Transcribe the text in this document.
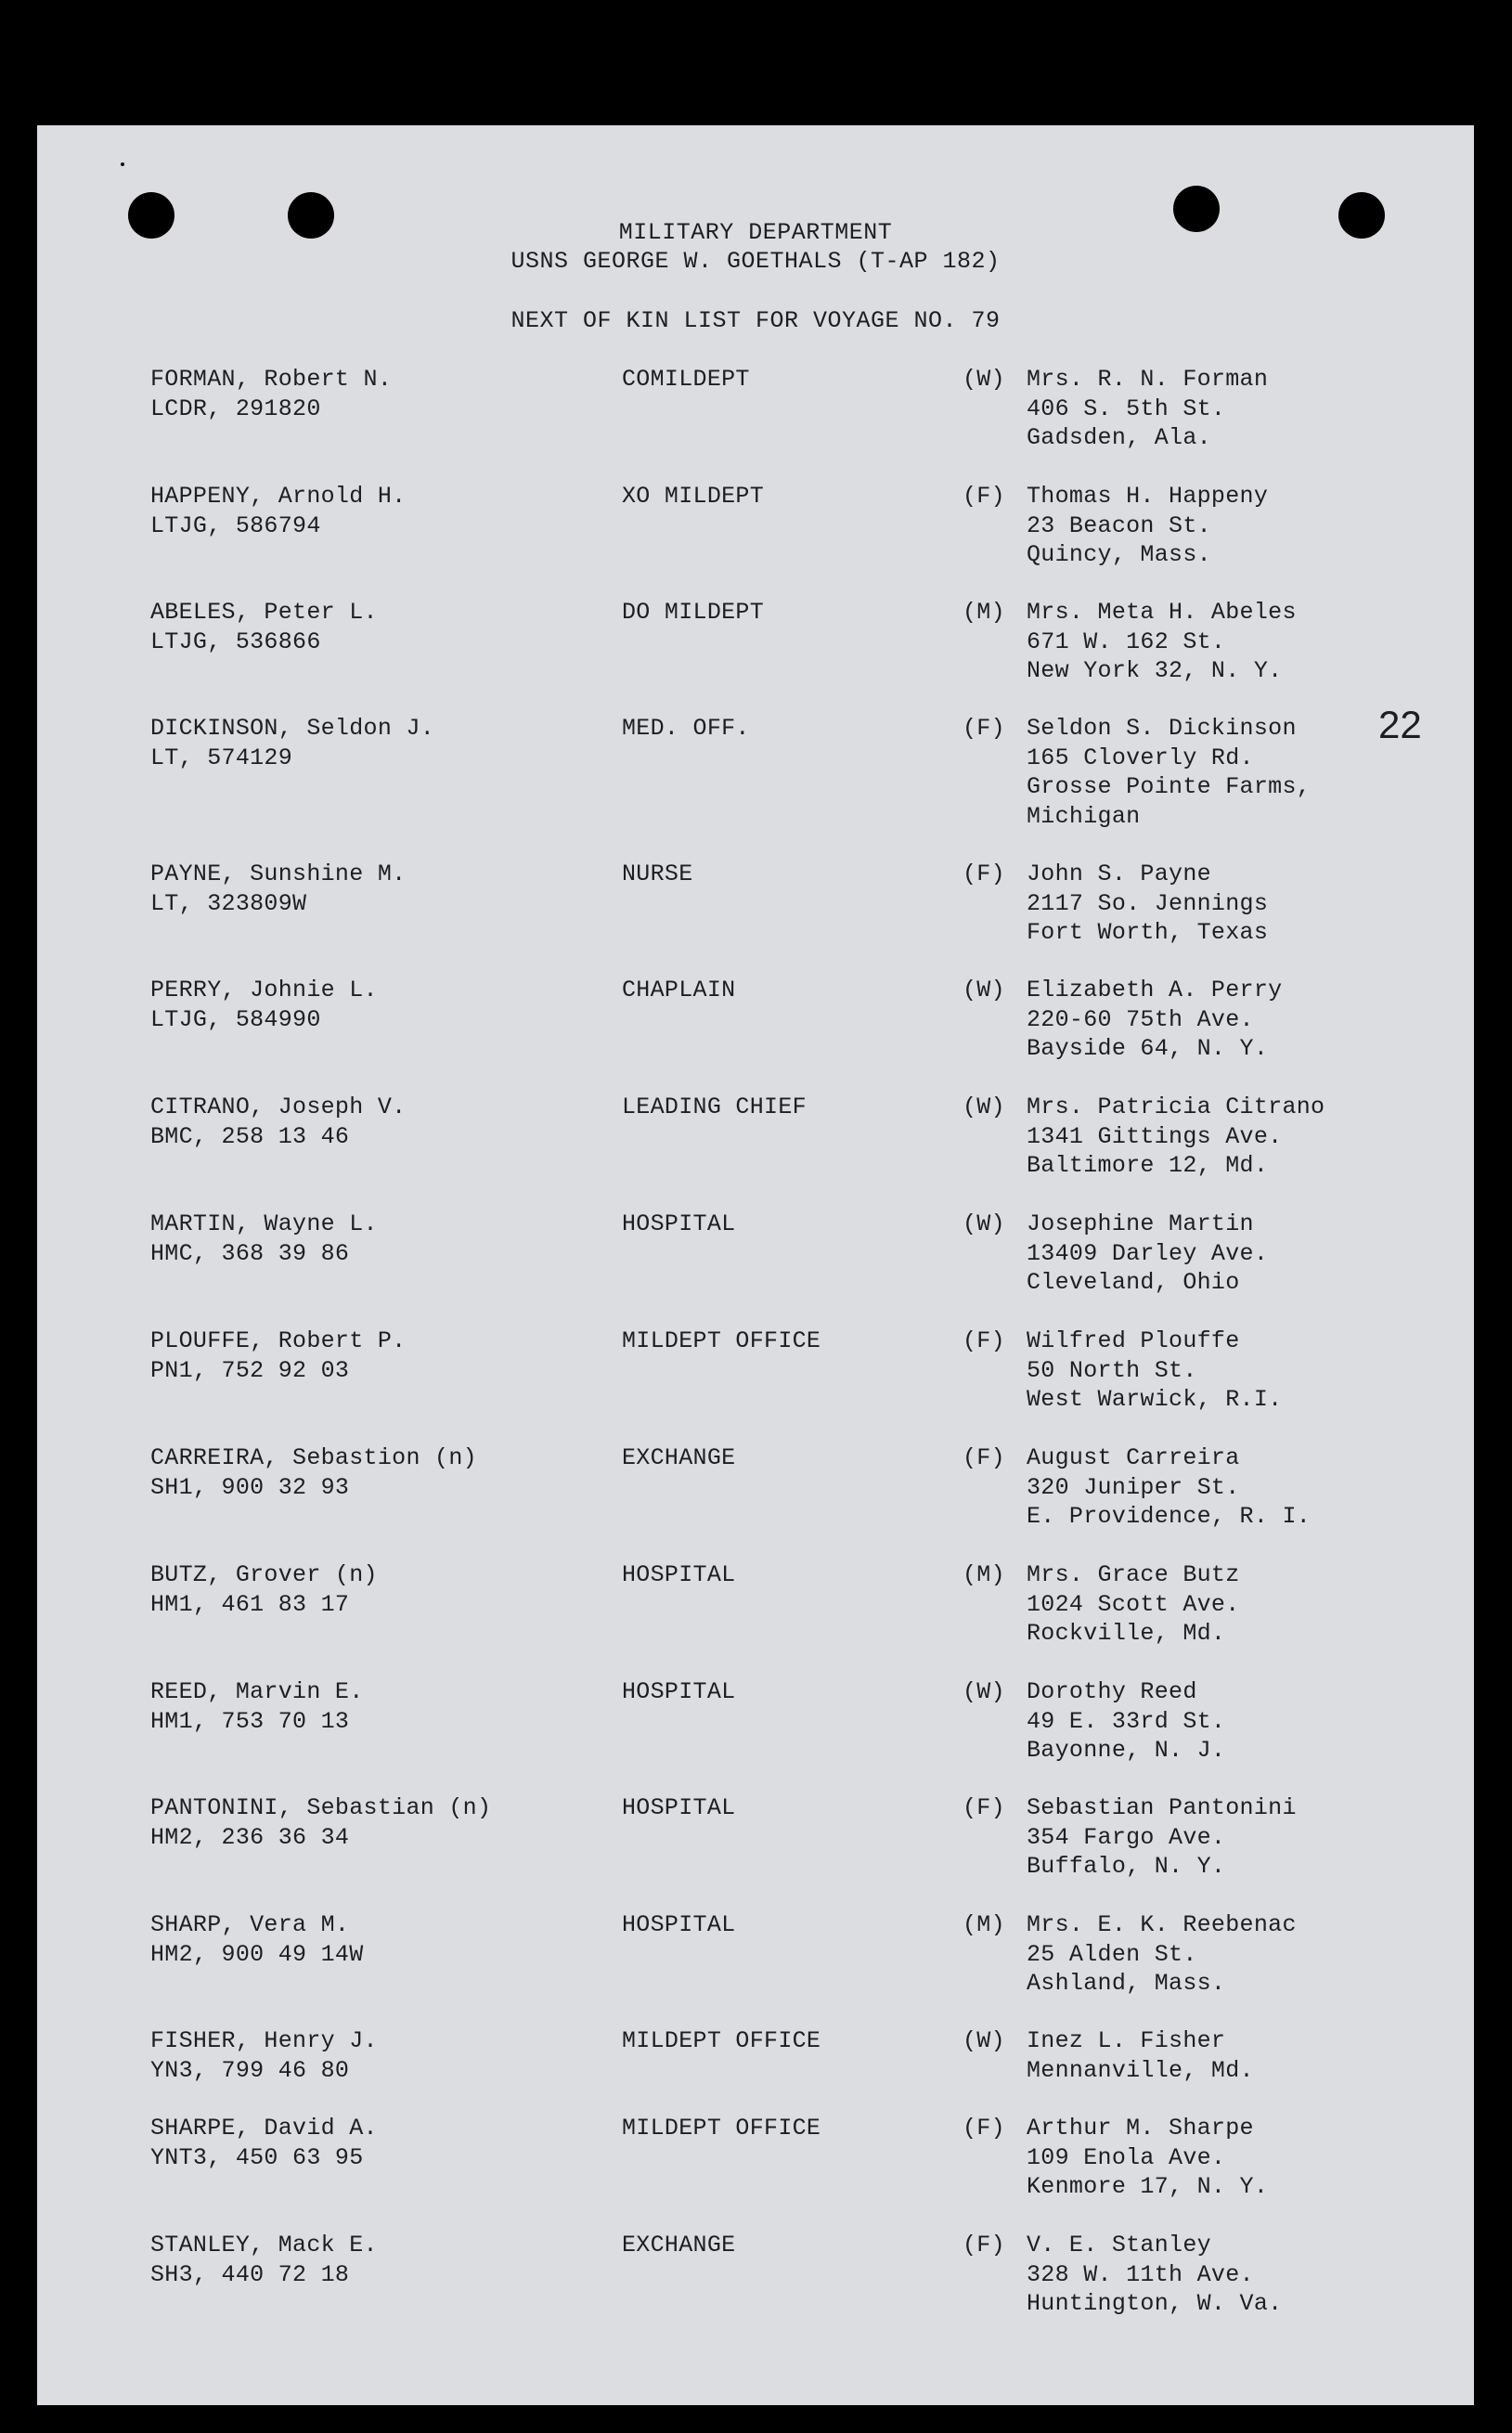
MILITARY DEPARTMENT
USNS GEORGE W. GOETHALS (T-AP 182)
NEXT OF KIN LIST FOR VOYAGE NO. 79
22
FORMAN, Robert N.
LCDR, 291820
COMILDEPT	(W) Mrs. R. N. Forman
406 S. 5th St.
Gadsden, Ala.
HAPPENY, Arnold H.
LTJG, 586794
XO MILDEPT	(F) Thomas H. Happeny
23 Beacon St.
Quincy, Mass.
ABELES, Peter L.
LTJG, 536866
DO MILDEPT	(M) Mrs. Meta H. Abeles
671 W. 162 St.
New York 32, N. Y.
DICKINSON, Seldon J.
LT, 574129
MED. OFF.	(F) Seldon S. Dickinson
165 Cloverly Rd.
Grosse Pointe Farms,
Michigan
PAYNE, Sunshine M.
LT, 323809W
NURSE	(F) John S. Payne
2117 So. Jennings
Fort Worth, Texas
PERRY, Johnie L.
LTJG, 584990
CHAPLAIN	(W) Elizabeth A. Perry
220-60 75th Ave.
Bayside 64, N. Y.
CITRANO, Joseph V.
BMC, 258 13 46
LEADING CHIEF	(W) Mrs. Patricia Citrano
1341 Gittings Ave.
Baltimore 12, Md.
MARTIN, Wayne L.
HMC, 368 39 86
HOSPITAL	(W) Josephine Martin
13409 Darley Ave.
Cleveland, Ohio
PLOUFFE, Robert P.
PN1, 752 92 03
MILDEPT OFFICE	(F) Wilfred Plouffe
50 North St.
West Warwick, R.I.
CARREIRA, Sebastion (n)
SH1, 900 32 93
EXCHANGE	(F) August Carreira
320 Juniper St.
E. Providence, R. I.
BUTZ, Grover (n)
HM1, 461 83 17
HOSPITAL	(M) Mrs. Grace Butz
1024 Scott Ave.
Rockville, Md.
REED, Marvin E.
HM1, 753 70 13
HOSPITAL	(W) Dorothy Reed
49 E. 33rd St.
Bayonne, N. J.
PANTONINI, Sebastian (n)
HM2, 236 36 34
HOSPITAL	(F) Sebastian Pantonini
354 Fargo Ave.
Buffalo, N. Y.
SHARP, Vera M.
HM2, 900 49 14W
HOSPITAL	(M) Mrs. E. K. Reebenac
25 Alden St.
Ashland, Mass.
FISHER, Henry J.
YN3, 799 46 80
MILDEPT OFFICE	(W) Inez L. Fisher
Mennanville, Md.
SHARPE, David A.
YNT3, 450 63 95
MILDEPT OFFICE	(F) Arthur M. Sharpe
109 Enola Ave.
Kenmore 17, N. Y.
STANLEY, Mack E.
SH3, 440 72 18
EXCHANGE	(F) V. E. Stanley
328 W. 11th Ave.
Huntington, W. Va.
